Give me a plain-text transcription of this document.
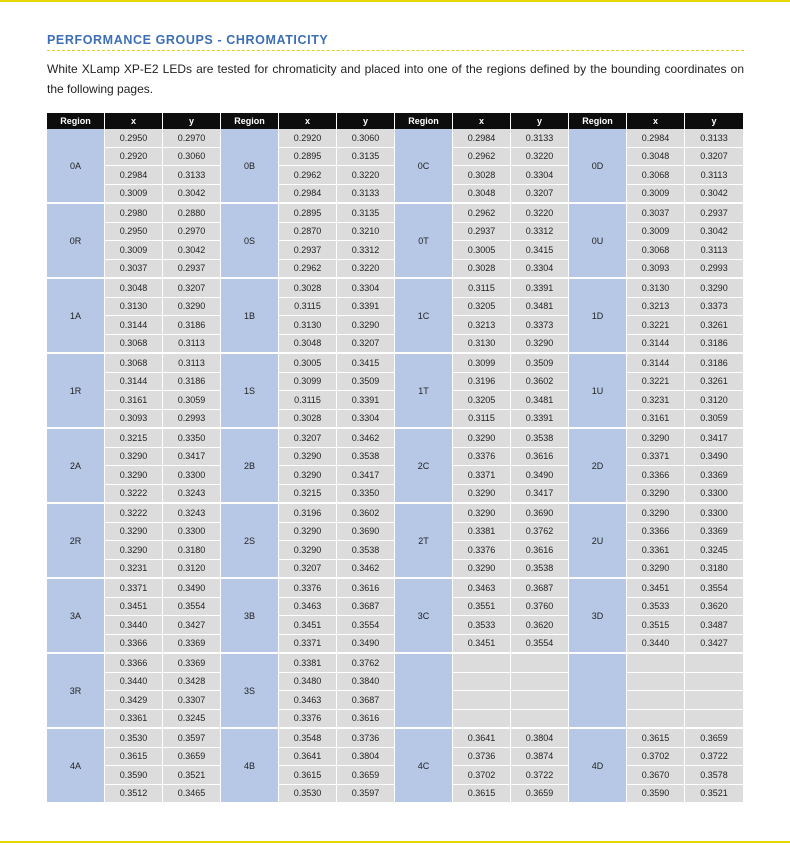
PERFORMANCE GROUPS - CHROMATICITY
White XLamp XP-E2 LEDs are tested for chromaticity and placed into one of the regions defined by the bounding coordinates on the following pages.
Region	x	y	Region	x	y	Region	x	y	Region	x	y
0A	0.2950	0.2970	0B	0.2920	0.3060	0C	0.2984	0.3133	0D	0.2984	0.3133
	0.2920	0.3060		0.2895	0.3135		0.2962	0.3220		0.3048	0.3207
	0.2984	0.3133		0.2962	0.3220		0.3028	0.3304		0.3068	0.3113
	0.3009	0.3042		0.2984	0.3133		0.3048	0.3207		0.3009	0.3042
0R	0.2980	0.2880	0S	0.2895	0.3135	0T	0.2962	0.3220	0U	0.3037	0.2937
	0.2950	0.2970		0.2870	0.3210		0.2937	0.3312		0.3009	0.3042
	0.3009	0.3042		0.2937	0.3312		0.3005	0.3415		0.3068	0.3113
	0.3037	0.2937		0.2962	0.3220		0.3028	0.3304		0.3093	0.2993
1A	0.3048	0.3207	1B	0.3028	0.3304	1C	0.3115	0.3391	1D	0.3130	0.3290
	0.3130	0.3290		0.3115	0.3391		0.3205	0.3481		0.3213	0.3373
	0.3144	0.3186		0.3130	0.3290		0.3213	0.3373		0.3221	0.3261
	0.3068	0.3113		0.3048	0.3207		0.3130	0.3290		0.3144	0.3186
1R	0.3068	0.3113	1S	0.3005	0.3415	1T	0.3099	0.3509	1U	0.3144	0.3186
	0.3144	0.3186		0.3099	0.3509		0.3196	0.3602		0.3221	0.3261
	0.3161	0.3059		0.3115	0.3391		0.3205	0.3481		0.3231	0.3120
	0.3093	0.2993		0.3028	0.3304		0.3115	0.3391		0.3161	0.3059
2A	0.3215	0.3350	2B	0.3207	0.3462	2C	0.3290	0.3538	2D	0.3290	0.3417
	0.3290	0.3417		0.3290	0.3538		0.3376	0.3616		0.3371	0.3490
	0.3290	0.3300		0.3290	0.3417		0.3371	0.3490		0.3366	0.3369
	0.3222	0.3243		0.3215	0.3350		0.3290	0.3417		0.3290	0.3300
2R	0.3222	0.3243	2S	0.3196	0.3602	2T	0.3290	0.3690	2U	0.3290	0.3300
	0.3290	0.3300		0.3290	0.3690		0.3381	0.3762		0.3366	0.3369
	0.3290	0.3180		0.3290	0.3538		0.3376	0.3616		0.3361	0.3245
	0.3231	0.3120		0.3207	0.3462		0.3290	0.3538		0.3290	0.3180
3A	0.3371	0.3490	3B	0.3376	0.3616	3C	0.3463	0.3687	3D	0.3451	0.3554
	0.3451	0.3554		0.3463	0.3687		0.3551	0.3760		0.3533	0.3620
	0.3440	0.3427		0.3451	0.3554		0.3533	0.3620		0.3515	0.3487
	0.3366	0.3369		0.3371	0.3490		0.3451	0.3554		0.3440	0.3427
3R	0.3366	0.3369	3S	0.3381	0.3762						
	0.3440	0.3428		0.3480	0.3840						
	0.3429	0.3307		0.3463	0.3687						
	0.3361	0.3245		0.3376	0.3616						
4A	0.3530	0.3597	4B	0.3548	0.3736	4C	0.3641	0.3804	4D	0.3615	0.3659
	0.3615	0.3659		0.3641	0.3804		0.3736	0.3874		0.3702	0.3722
	0.3590	0.3521		0.3615	0.3659		0.3702	0.3722		0.3670	0.3578
	0.3512	0.3465		0.3530	0.3597		0.3615	0.3659		0.3590	0.3521
